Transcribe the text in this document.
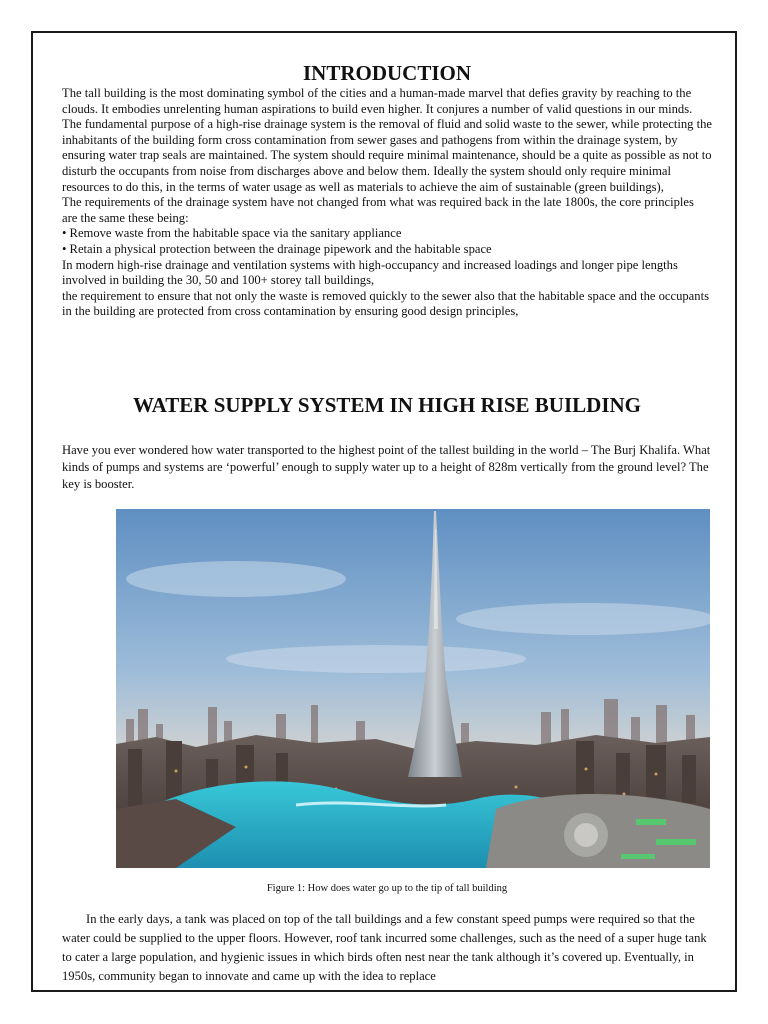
INTRODUCTION

The tall building is the most dominating symbol of the cities and a human-made marvel that defies gravity by reaching to the clouds. It embodies unrelenting human aspirations to build even higher. It conjures a number of valid questions in our minds.

The fundamental purpose of a high-rise drainage system is the removal of fluid and solid waste to the sewer, while protecting the inhabitants of the building form cross contamination from sewer gases and pathogens from within the drainage system, by ensuring water trap seals are maintained. The system should require minimal maintenance, should be a quite as possible as not to disturb the occupants from noise from discharges above and below them. Ideally the system should only require minimal resources to do this, in the terms of water usage as well as materials to achieve the aim of sustainable (green buildings),

The requirements of the drainage system have not changed from what was required back in the late 1800s, the core principles are the same these being:

• Remove waste from the habitable space via the sanitary appliance

• Retain a physical protection between the drainage pipework and the habitable space

In modern high-rise drainage and ventilation systems with high-occupancy and increased loadings and longer pipe lengths involved in building the 30, 50 and 100+ storey tall buildings,

the requirement to ensure that not only the waste is removed quickly to the sewer also that the habitable space and the occupants in the building are protected from cross contamination by ensuring good design principles,

WATER SUPPLY SYSTEM IN HIGH RISE BUILDING

Have you ever wondered how water transported to the highest point of the tallest building in the world – The Burj Khalifa. What kinds of pumps and systems are ‘powerful’ enough to supply water up to a height of 828m vertically from the ground level? The key is booster.

Figure 1: How does water go up to the tip of tall building

In the early days, a tank was placed on top of the tall buildings and a few constant speed pumps were required so that the water could be supplied to the upper floors. However, roof tank incurred some challenges, such as the need of a super huge tank to cater a large population, and hygienic issues in which birds often nest near the tank although it’s covered up. Eventually, in 1950s, community began to innovate and came up with the idea to replace
